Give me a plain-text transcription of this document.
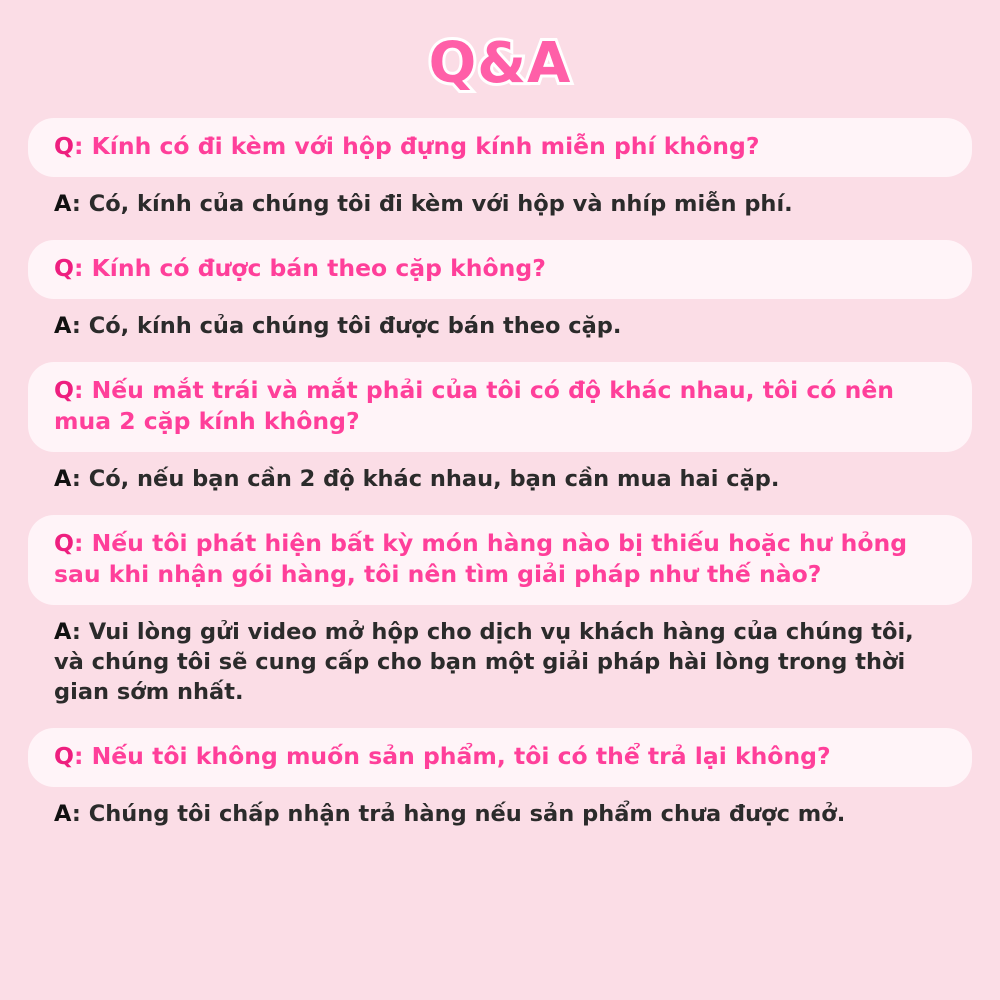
Q&A
Q: Kính có đi kèm với hộp đựng kính miễn phí không?
A: Có, kính của chúng tôi đi kèm với hộp và nhíp miễn phí.
Q: Kính có được bán theo cặp không?
A: Có, kính của chúng tôi được bán theo cặp.
Q: Nếu mắt trái và mắt phải của tôi có độ khác nhau, tôi có nên mua 2 cặp kính không?
A: Có, nếu bạn cần 2 độ khác nhau, bạn cần mua hai cặp.
Q: Nếu tôi phát hiện bất kỳ món hàng nào bị thiếu hoặc hư hỏng sau khi nhận gói hàng, tôi nên tìm giải pháp như thế nào?
A: Vui lòng gửi video mở hộp cho dịch vụ khách hàng của chúng tôi, và chúng tôi sẽ cung cấp cho bạn một giải pháp hài lòng trong thời gian sớm nhất.
Q: Nếu tôi không muốn sản phẩm, tôi có thể trả lại không?
A: Chúng tôi chấp nhận trả hàng nếu sản phẩm chưa được mở.
